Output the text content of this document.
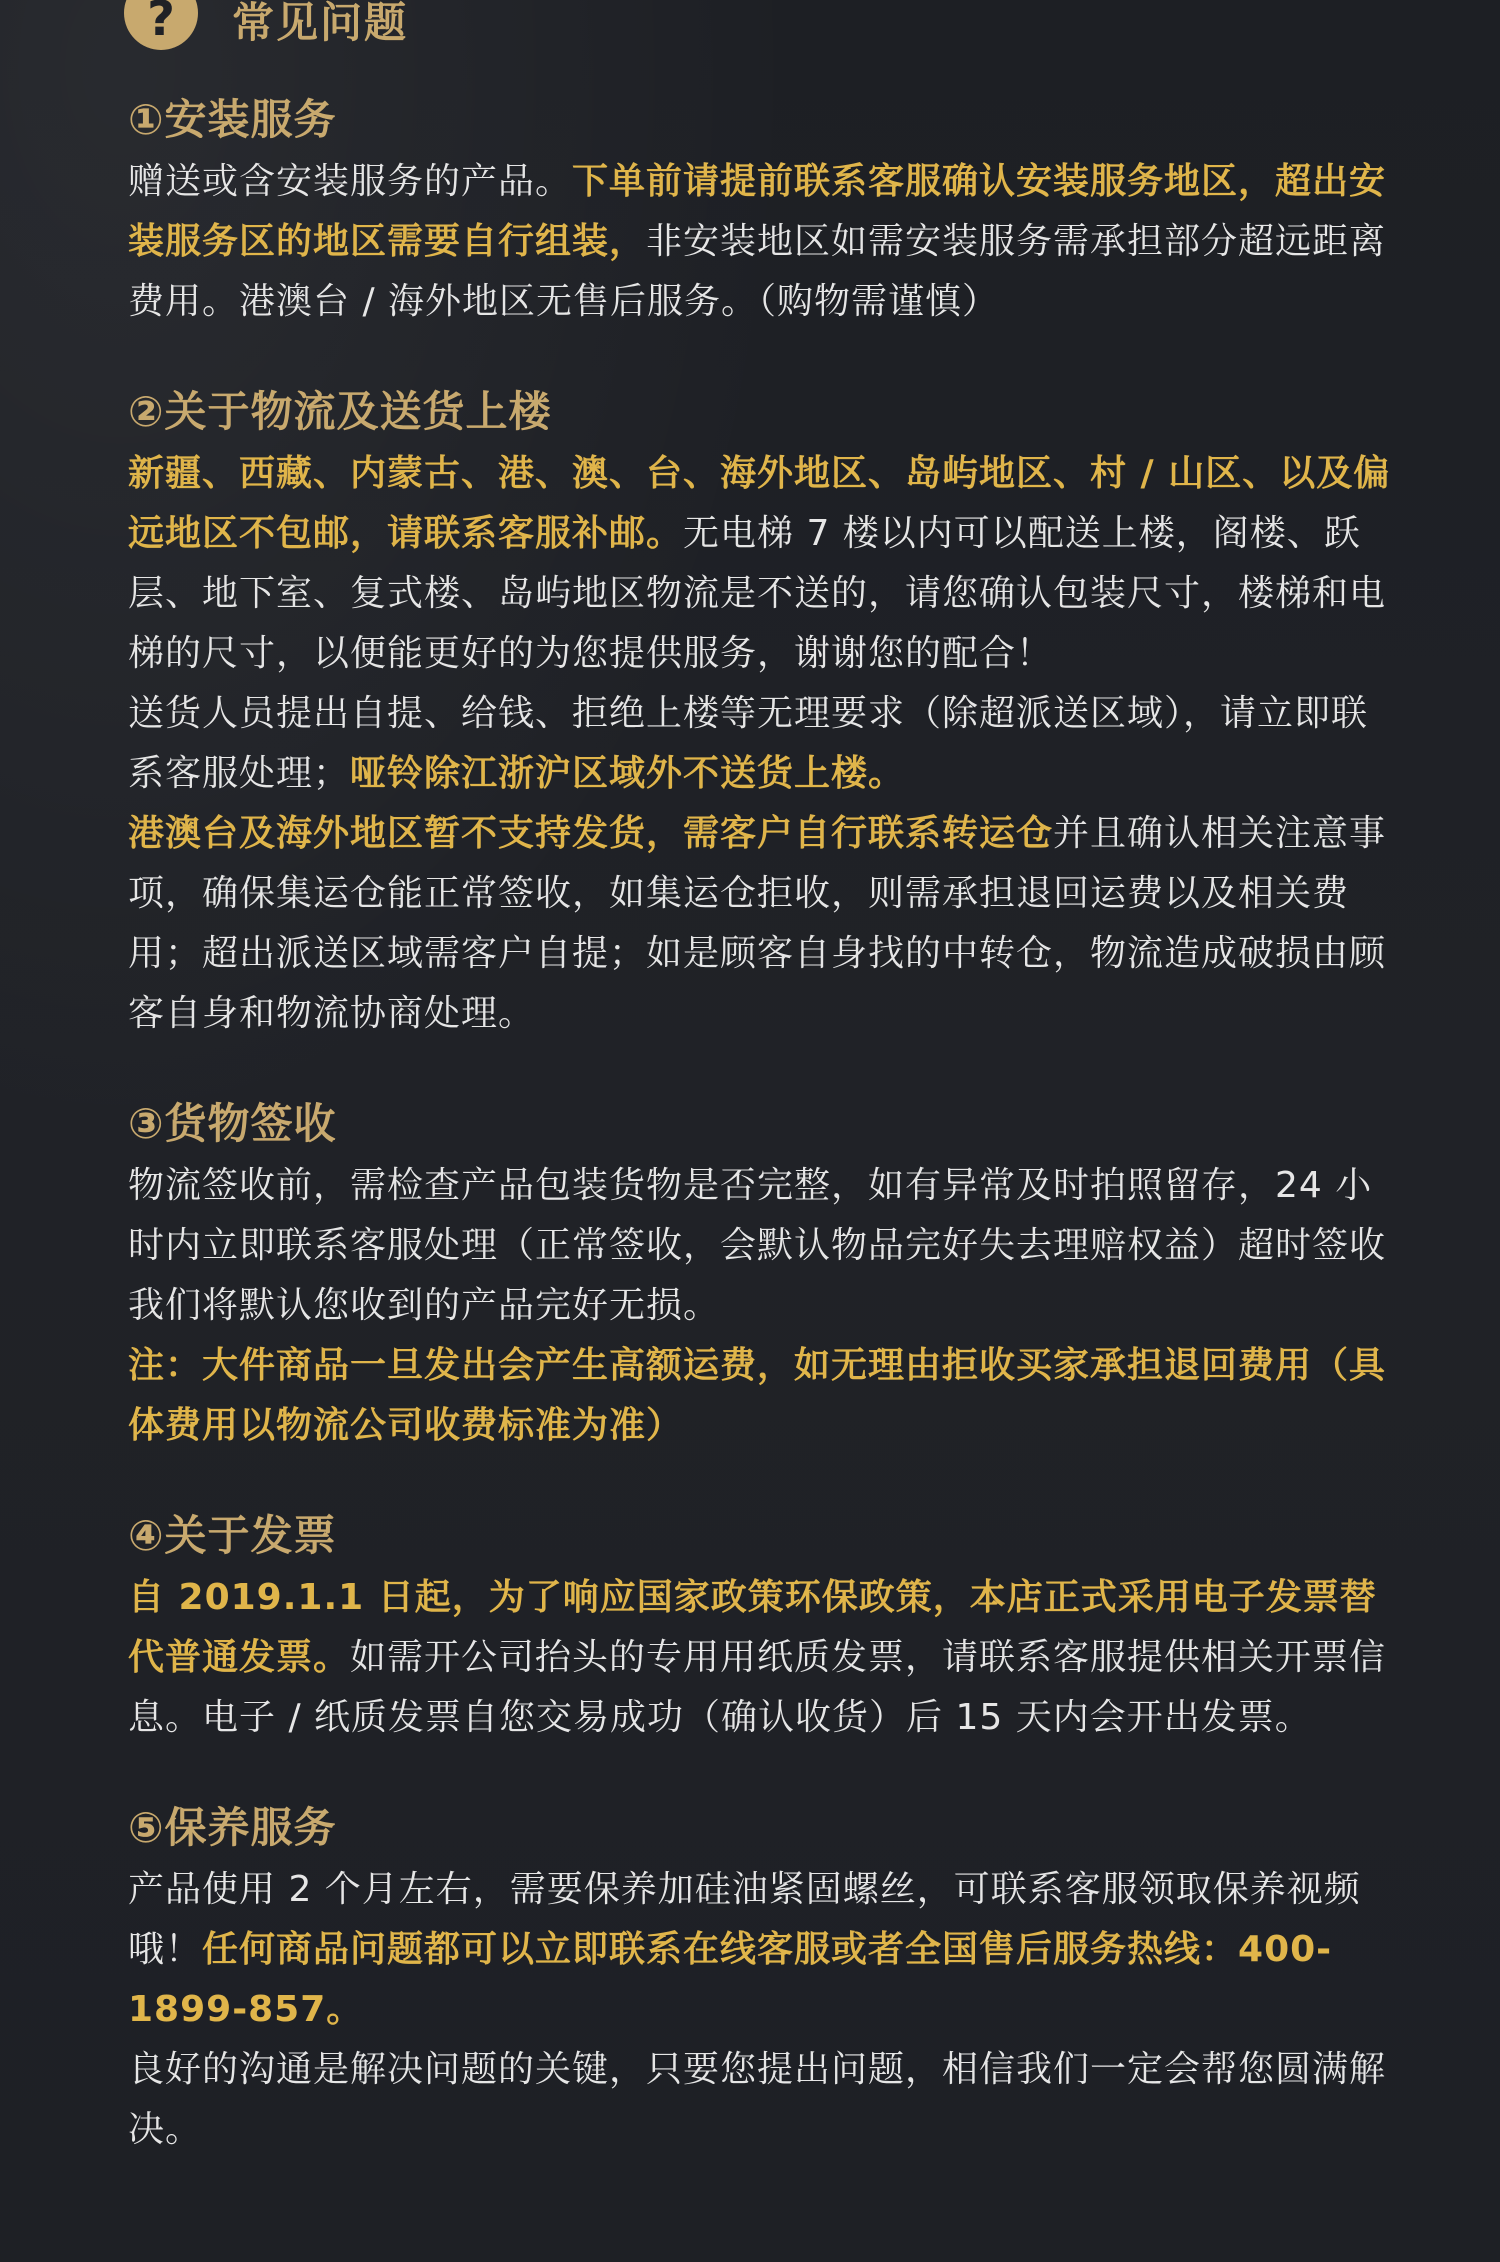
? 常见问题
①安装服务
赠送或含安装服务的产品。下单前请提前联系客服确认安装服务地区，超出安装服务区的地区需要自行组装，非安装地区如需安装服务需承担部分超远距离费用。港澳台 / 海外地区无售后服务。（购物需谨慎）
②关于物流及送货上楼
新疆、西藏、内蒙古、港、澳、台、海外地区、岛屿地区、村 / 山区、以及偏远地区不包邮，请联系客服补邮。无电梯 7 楼以内可以配送上楼，阁楼、跃层、地下室、复式楼、岛屿地区物流是不送的，请您确认包装尺寸，楼梯和电梯的尺寸，以便能更好的为您提供服务，谢谢您的配合！
送货人员提出自提、给钱、拒绝上楼等无理要求（除超派送区域），请立即联系客服处理；哑铃除江浙沪区域外不送货上楼。
港澳台及海外地区暂不支持发货，需客户自行联系转运仓并且确认相关注意事项，确保集运仓能正常签收，如集运仓拒收，则需承担退回运费以及相关费用；超出派送区域需客户自提；如是顾客自身找的中转仓，物流造成破损由顾客自身和物流协商处理。
③货物签收
物流签收前，需检查产品包装货物是否完整，如有异常及时拍照留存，24 小时内立即联系客服处理（正常签收，会默认物品完好失去理赔权益）超时签收我们将默认您收到的产品完好无损。
注：大件商品一旦发出会产生高额运费，如无理由拒收买家承担退回费用（具体费用以物流公司收费标准为准）
④关于发票
自 2019.1.1 日起，为了响应国家政策环保政策，本店正式采用电子发票替代普通发票。如需开公司抬头的专用用纸质发票，请联系客服提供相关开票信息。电子 / 纸质发票自您交易成功（确认收货）后 15 天内会开出发票。
⑤保养服务
产品使用 2 个月左右，需要保养加硅油紧固螺丝，可联系客服领取保养视频哦！任何商品问题都可以立即联系在线客服或者全国售后服务热线：400-1899-857。
良好的沟通是解决问题的关键，只要您提出问题，相信我们一定会帮您圆满解决。
